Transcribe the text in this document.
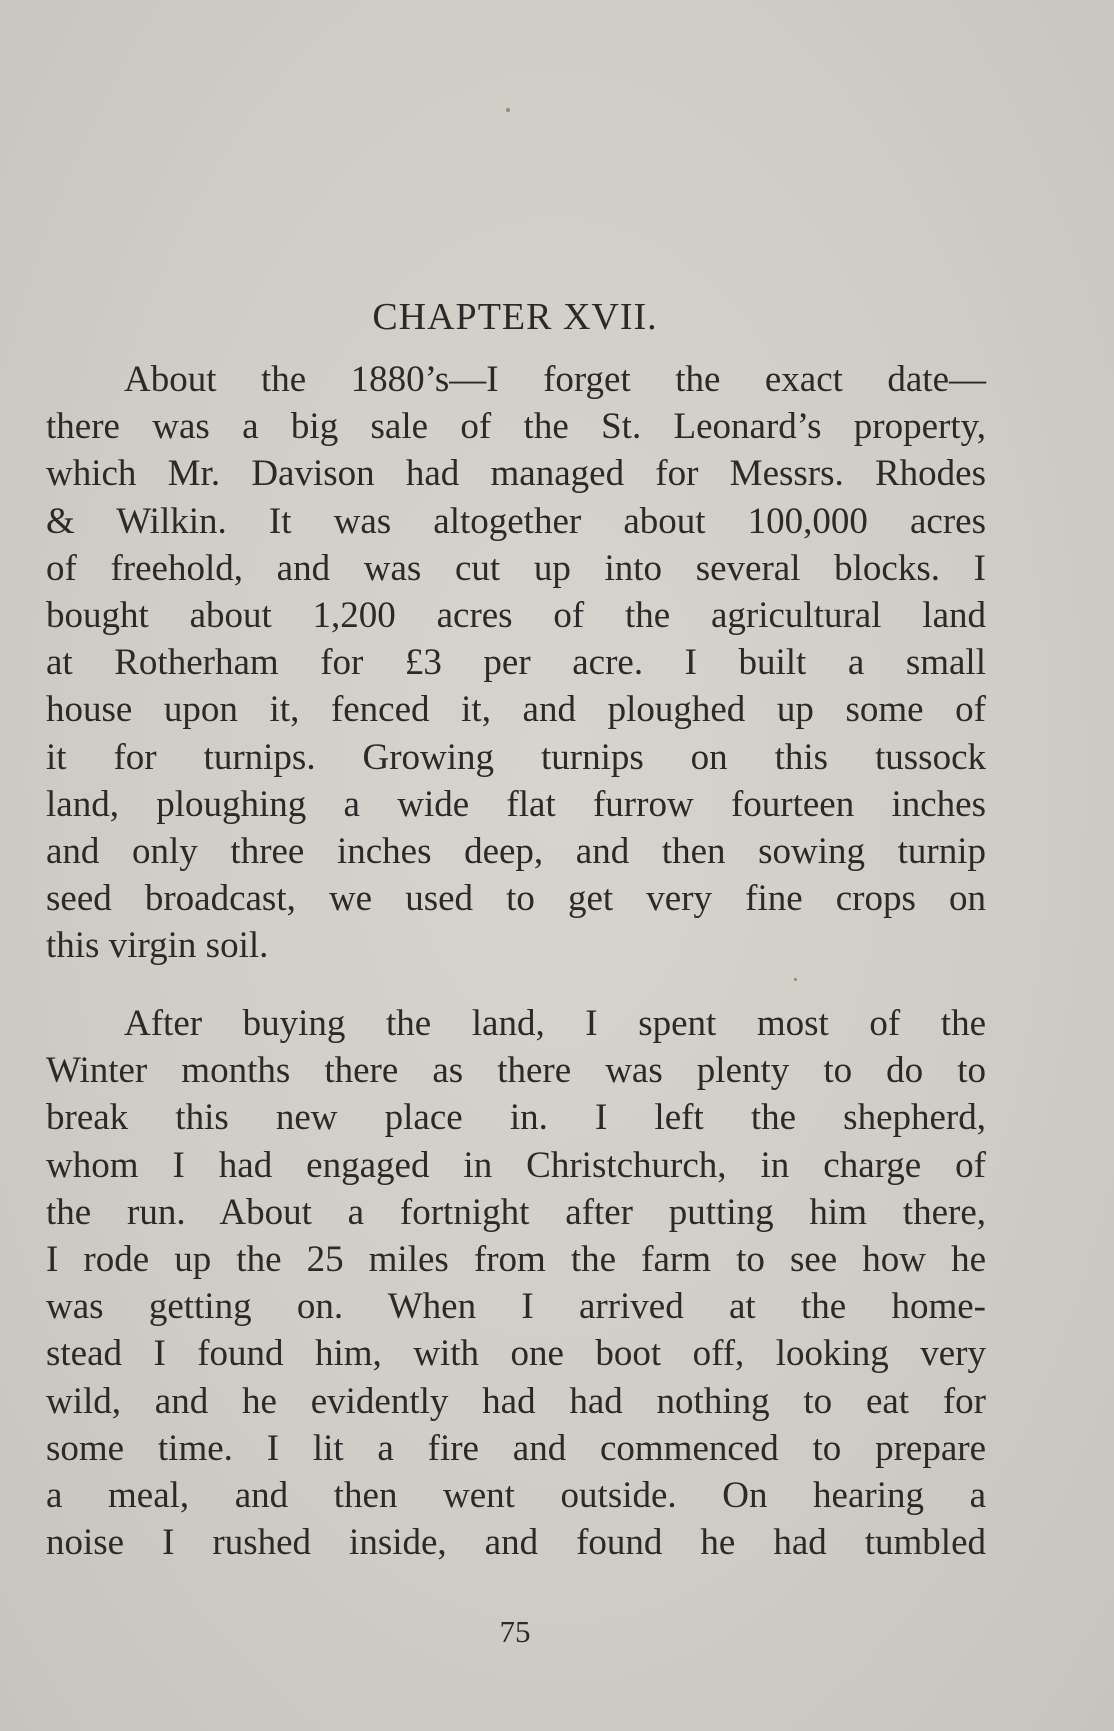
CHAPTER XVII.
About the 1880’s—I forget the exact date—
there was a big sale of the St. Leonard’s property,
which Mr. Davison had managed for Messrs. Rhodes
& Wilkin. It was altogether about 100,000 acres
of freehold, and was cut up into several blocks. I
bought about 1,200 acres of the agricultural land
at Rotherham for £3 per acre. I built a small
house upon it, fenced it, and ploughed up some of
it for turnips. Growing turnips on this tussock
land, ploughing a wide flat furrow fourteen inches
and only three inches deep, and then sowing turnip
seed broadcast, we used to get very fine crops on
this virgin soil.
After buying the land, I spent most of the
Winter months there as there was plenty to do to
break this new place in. I left the shepherd,
whom I had engaged in Christchurch, in charge of
the run. About a fortnight after putting him there,
I rode up the 25 miles from the farm to see how he
was getting on. When I arrived at the home-
stead I found him, with one boot off, looking very
wild, and he evidently had had nothing to eat for
some time. I lit a fire and commenced to prepare
a meal, and then went outside. On hearing a
noise I rushed inside, and found he had tumbled
75
